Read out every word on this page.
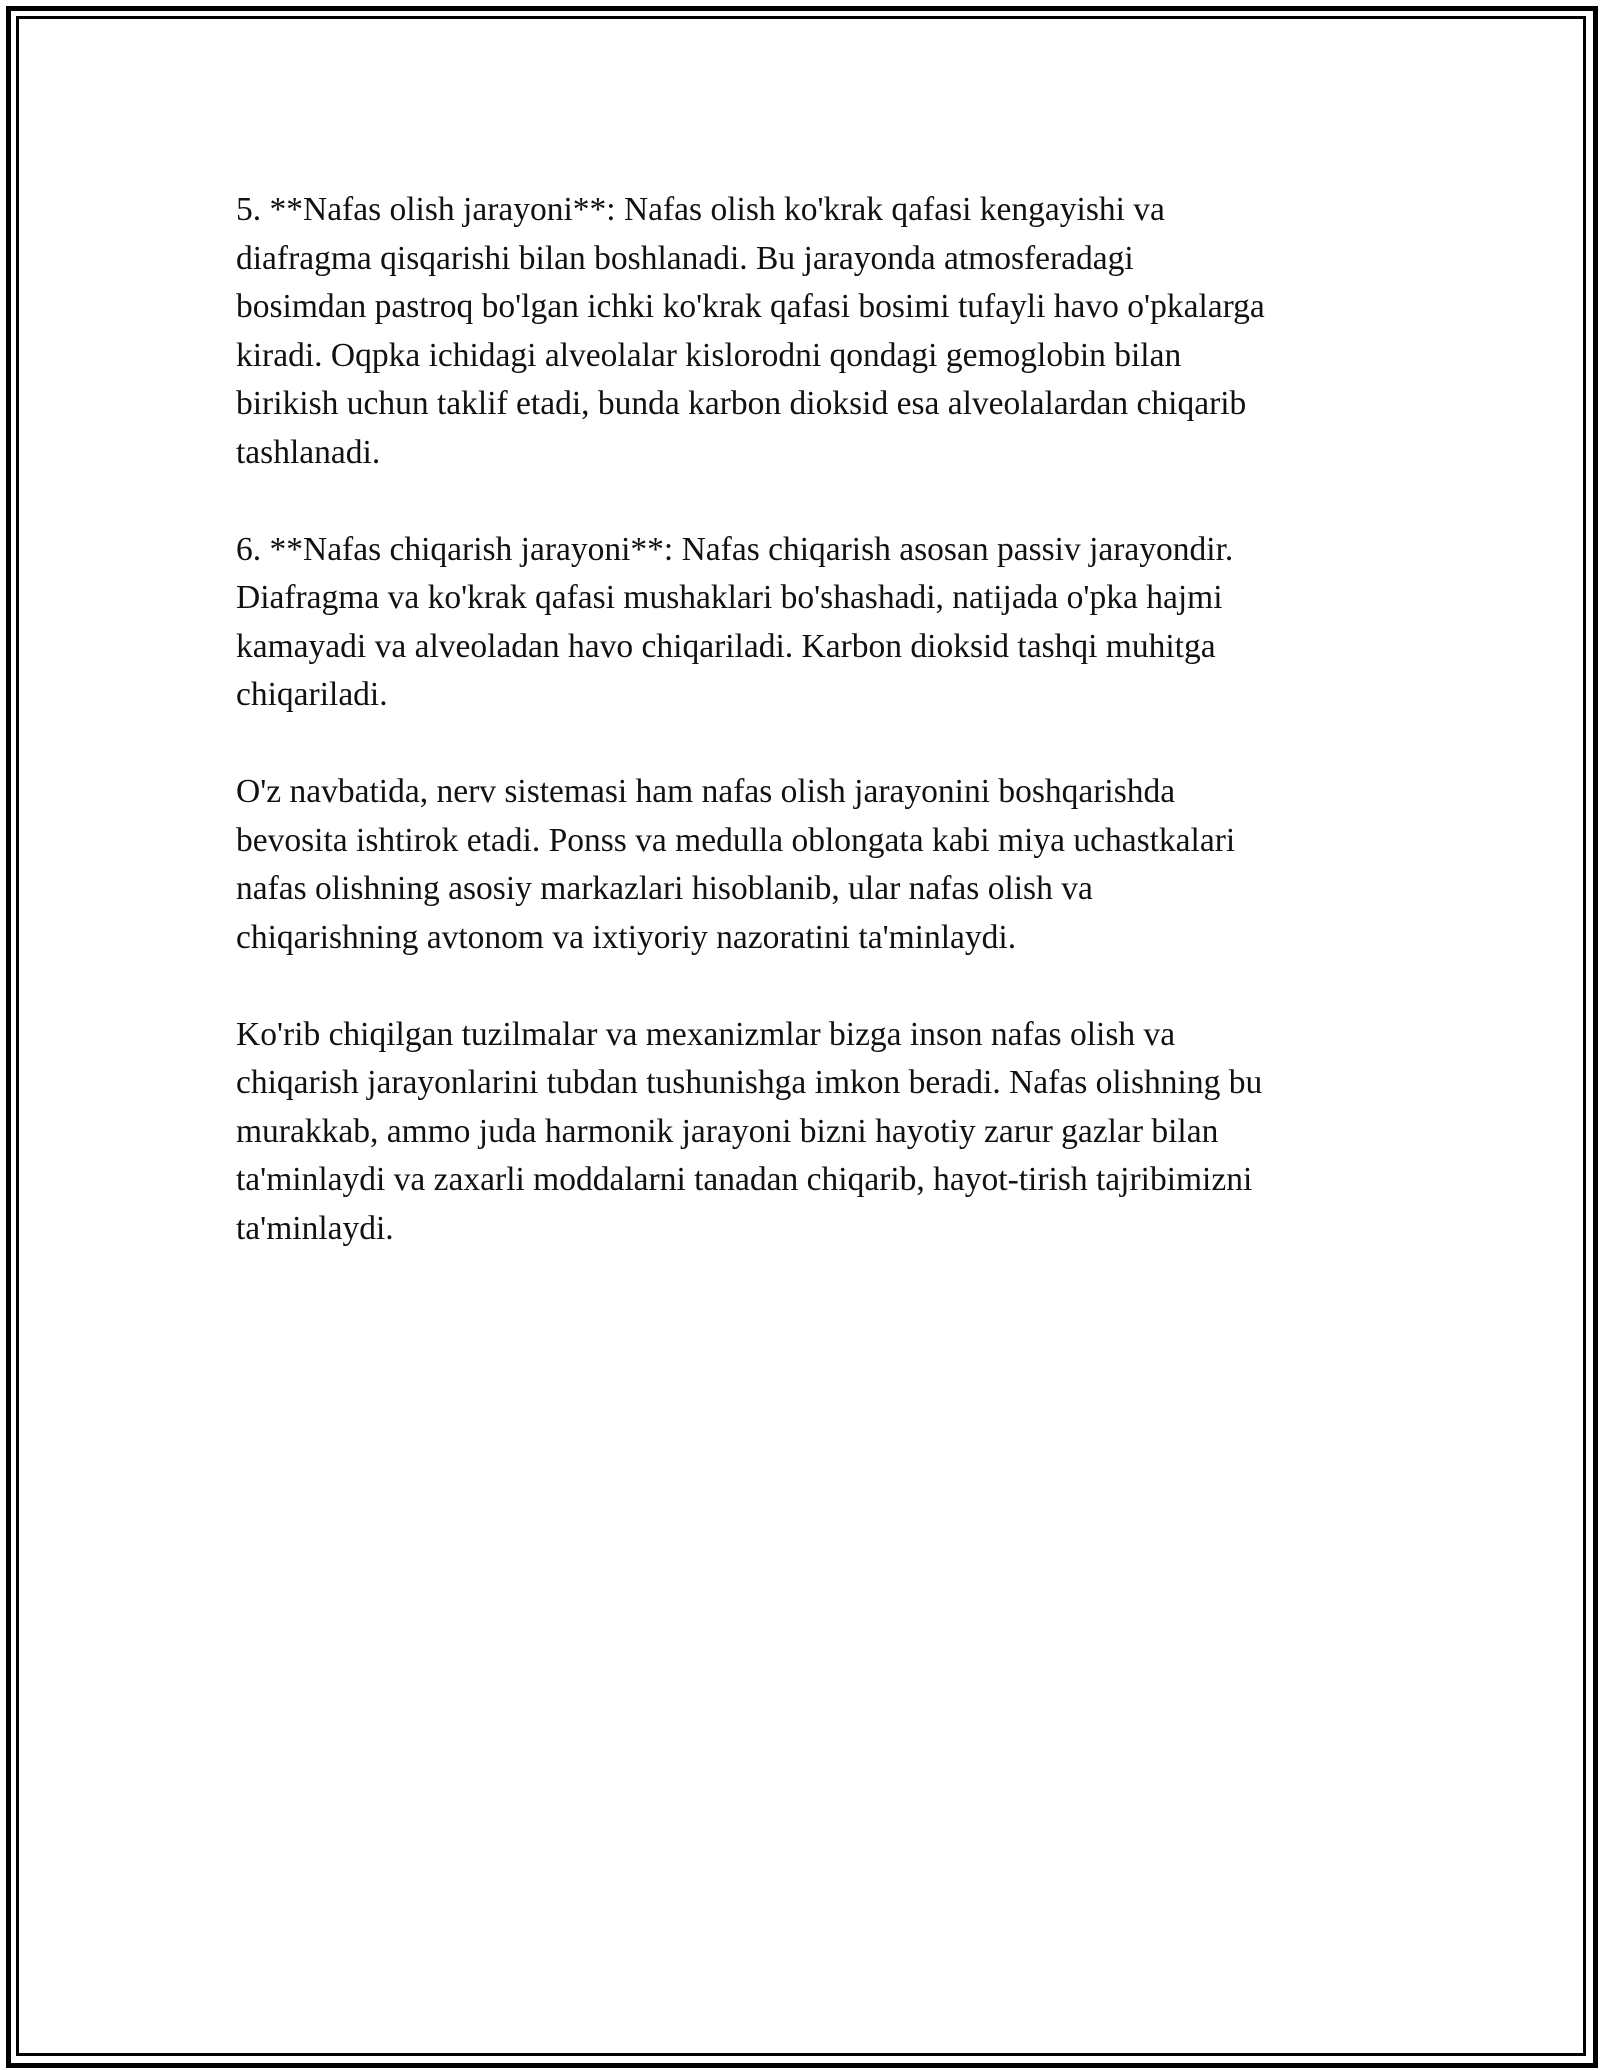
5. **Nafas olish jarayoni**: Nafas olish ko'krak qafasi kengayishi va
diafragma qisqarishi bilan boshlanadi. Bu jarayonda atmosferadagi
bosimdan pastroq bo'lgan ichki ko'krak qafasi bosimi tufayli havo o'pkalarga
kiradi. Oqpka ichidagi alveolalar kislorodni qondagi gemoglobin bilan
birikish uchun taklif etadi, bunda karbon dioksid esa alveolalardan chiqarib
tashlanadi.

6. **Nafas chiqarish jarayoni**: Nafas chiqarish asosan passiv jarayondir.
Diafragma va ko'krak qafasi mushaklari bo'shashadi, natijada o'pka hajmi
kamayadi va alveoladan havo chiqariladi. Karbon dioksid tashqi muhitga
chiqariladi.

O'z navbatida, nerv sistemasi ham nafas olish jarayonini boshqarishda
bevosita ishtirok etadi. Ponss va medulla oblongata kabi miya uchastkalari
nafas olishning asosiy markazlari hisoblanib, ular nafas olish va
chiqarishning avtonom va ixtiyoriy nazoratini ta'minlaydi.

Ko'rib chiqilgan tuzilmalar va mexanizmlar bizga inson nafas olish va
chiqarish jarayonlarini tubdan tushunishga imkon beradi. Nafas olishning bu
murakkab, ammo juda harmonik jarayoni bizni hayotiy zarur gazlar bilan
ta'minlaydi va zaxarli moddalarni tanadan chiqarib, hayot-tirish tajribimizni
ta'minlaydi.
